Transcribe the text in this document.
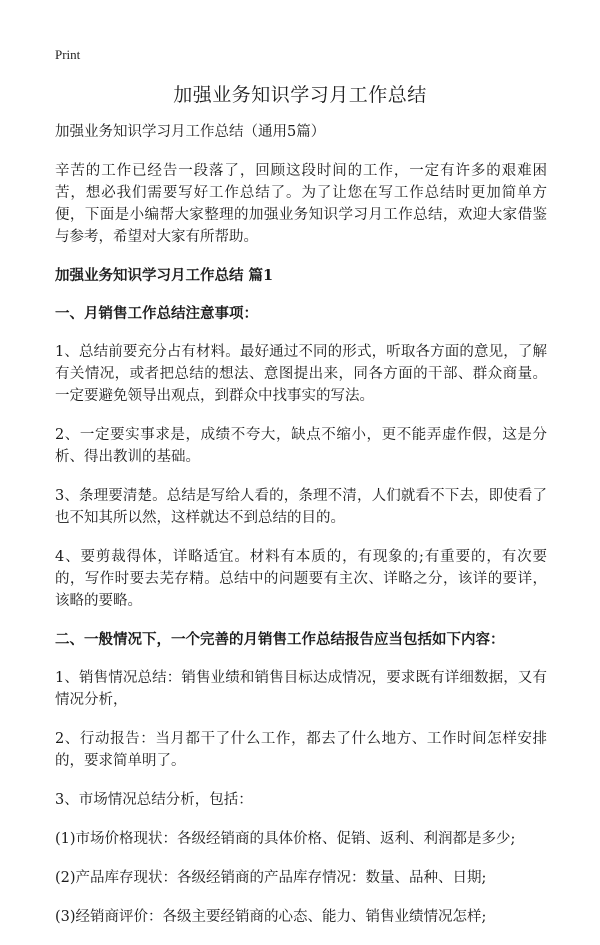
Print
加强业务知识学习月工作总结

加强业务知识学习月工作总结（通用5篇）

辛苦的工作已经告一段落了，回顾这段时间的工作，一定有许多的艰难困苦，想必我们需要写好工作总结了。为了让您在写工作总结时更加简单方便，下面是小编帮大家整理的加强业务知识学习月工作总结，欢迎大家借鉴与参考，希望对大家有所帮助。

加强业务知识学习月工作总结 篇1

一、月销售工作总结注意事项：

1、总结前要充分占有材料。最好通过不同的形式，听取各方面的意见，了解有关情况，或者把总结的想法、意图提出来，同各方面的干部、群众商量。一定要避免领导出观点，到群众中找事实的写法。

2、一定要实事求是，成绩不夸大，缺点不缩小，更不能弄虚作假，这是分析、得出教训的基础。

3、条理要清楚。总结是写给人看的，条理不清，人们就看不下去，即使看了也不知其所以然，这样就达不到总结的目的。

4、要剪裁得体，详略适宜。材料有本质的，有现象的;有重要的，有次要的，写作时要去芜存精。总结中的问题要有主次、详略之分，该详的要详，该略的要略。

二、一般情况下，一个完善的月销售工作总结报告应当包括如下内容：

1、销售情况总结：销售业绩和销售目标达成情况，要求既有详细数据，又有情况分析，

2、行动报告：当月都干了什么工作，都去了什么地方、工作时间怎样安排的，要求简单明了。

3、市场情况总结分析，包括：

(1)市场价格现状：各级经销商的具体价格、促销、返利、利润都是多少;

(2)产品库存现状：各级经销商的产品库存情况：数量、品种、日期;

(3)经销商评价：各级主要经销商的心态、能力、销售业绩情况怎样;
